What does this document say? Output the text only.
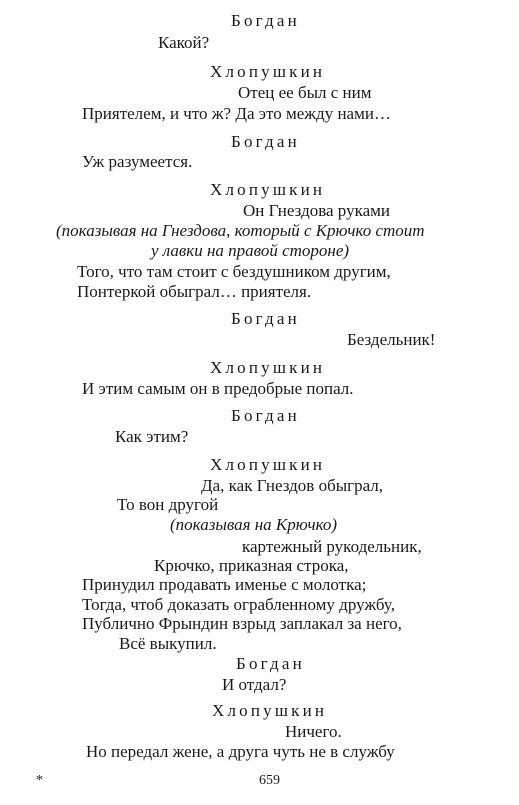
Богдан
Какой?
Хлопушкин
Отец ее был с ним
Приятелем, и что ж? Да это между нами…
Богдан
Уж разумеется.
Хлопушкин
Он Гнездова руками
(показывая на Гнездова, который с Крючко стоит
у лавки на правой стороне)
Того, что там стоит с бездушником другим,
Понтеркой обыграл… приятеля.
Богдан
Бездельник!
Хлопушкин
И этим самым он в предобрые попал.
Богдан
Как этим?
Хлопушкин
Да, как Гнездов обыграл,
То вон другой
(показывая на Крючко)
картежный рукодельник,
Крючко, приказная строка,
Принудил продавать именье с молотка;
Тогда, чтоб доказать ограбленному дружбу,
Публично Фрындин взрыд заплакал за него,
Всё выкупил.
Богдан
И отдал?
Хлопушкин
Ничего.
Но передал жене, а друга чуть не в службу
*	659
